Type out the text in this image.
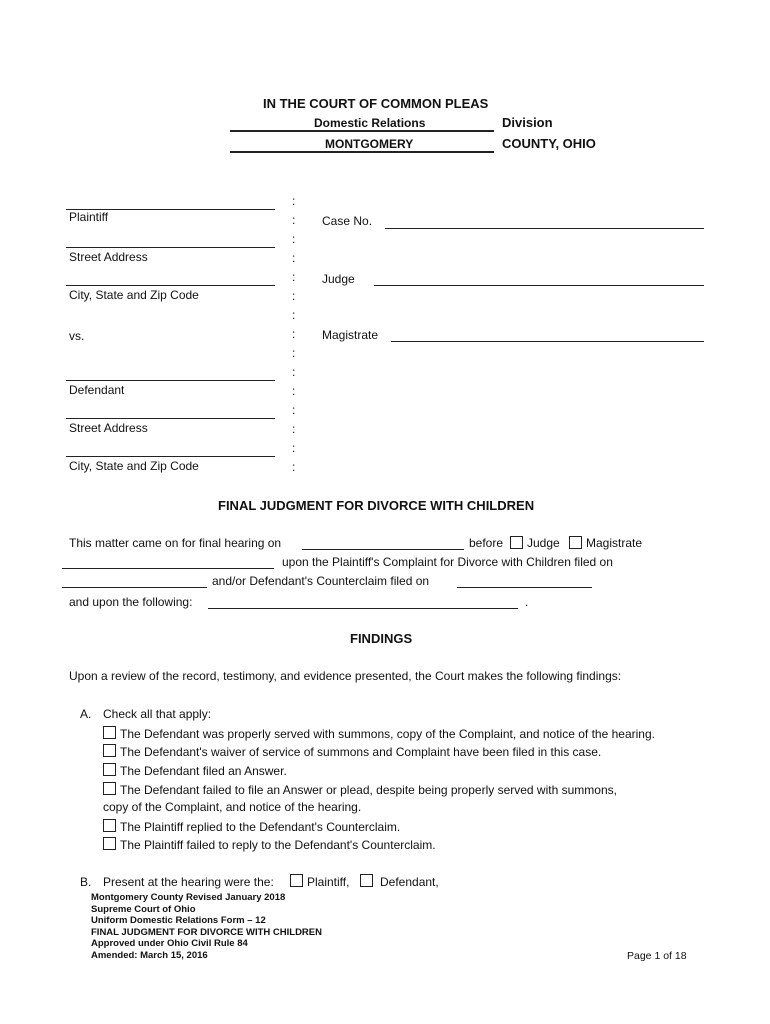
IN THE COURT OF COMMON PLEAS
Domestic Relations	Division
MONTGOMERY	COUNTY, OHIO
Plaintiff
Street Address
City, State and Zip Code
vs.
Defendant
Street Address
City, State and Zip Code
:
:
:
:
:
:
:
:
:
:
:
:
:
:
:
Case No.
Judge
Magistrate
FINAL JUDGMENT FOR DIVORCE WITH CHILDREN
This matter came on for final hearing on	before Judge Magistrate
upon the Plaintiff's Complaint for Divorce with Children filed on
and/or Defendant's Counterclaim filed on
and upon the following:	.
FINDINGS
Upon a review of the record, testimony, and evidence presented, the Court makes the following findings:
A. Check all that apply:
The Defendant was properly served with summons, copy of the Complaint, and notice of the hearing.
The Defendant's waiver of service of summons and Complaint have been filed in this case.
The Defendant filed an Answer.
The Defendant failed to file an Answer or plead, despite being properly served with summons,
copy of the Complaint, and notice of the hearing.
The Plaintiff replied to the Defendant's Counterclaim.
The Plaintiff failed to reply to the Defendant's Counterclaim.
B. Present at the hearing were the:	Plaintiff,	Defendant,
Montgomery County Revised January 2018
Supreme Court of Ohio
Uniform Domestic Relations Form – 12
FINAL JUDGMENT FOR DIVORCE WITH CHILDREN
Approved under Ohio Civil Rule 84
Amended: March 15, 2016	Page 1 of 18
